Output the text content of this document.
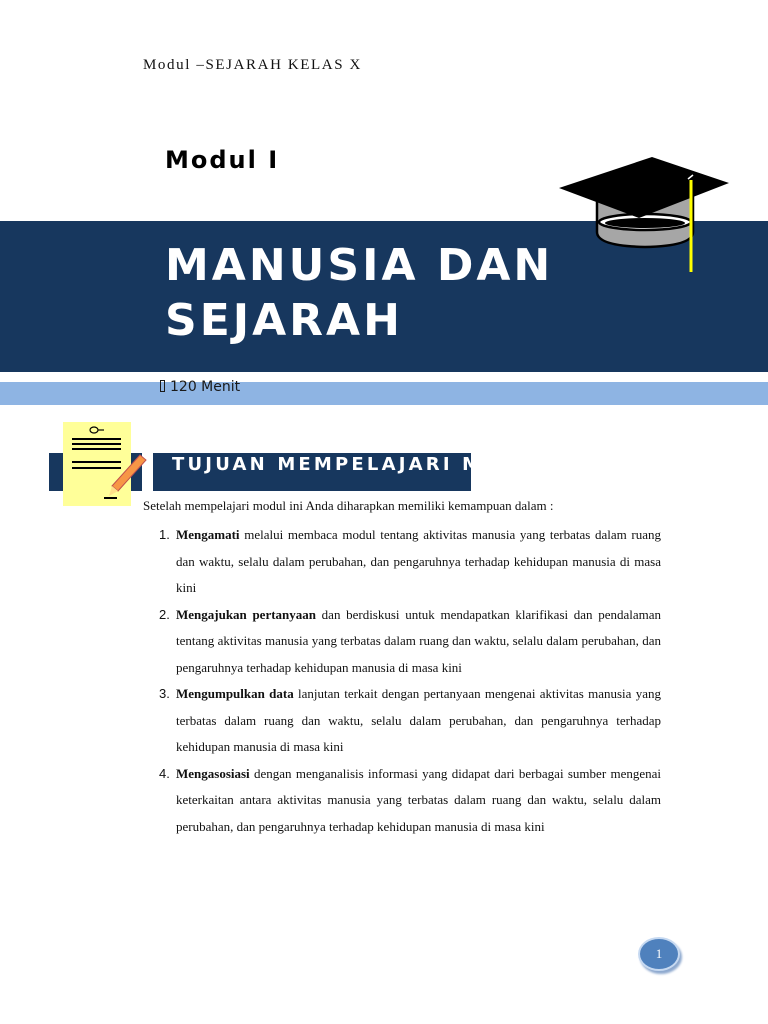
Modul –SEJARAH KELAS X
Modul I
MANUSIA DAN
SEJARAH
120 Menit
TUJUAN MEMPELAJARI MODUL
Setelah mempelajari modul ini Anda diharapkan memiliki kemampuan dalam :
1. Mengamati melalui membaca modul tentang aktivitas manusia yang terbatas dalam ruang dan waktu, selalu dalam perubahan, dan pengaruhnya terhadap kehidupan manusia di masa kini
2. Mengajukan pertanyaan dan berdiskusi untuk mendapatkan klarifikasi dan pendalaman tentang aktivitas manusia yang terbatas dalam ruang dan waktu, selalu dalam perubahan, dan pengaruhnya terhadap kehidupan manusia di masa kini
3. Mengumpulkan data lanjutan terkait dengan pertanyaan mengenai aktivitas manusia yang terbatas dalam ruang dan waktu, selalu dalam perubahan, dan pengaruhnya terhadap kehidupan manusia di masa kini
4. Mengasosiasi dengan menganalisis informasi yang didapat dari berbagai sumber mengenai keterkaitan antara aktivitas manusia yang terbatas dalam ruang dan waktu, selalu dalam perubahan, dan pengaruhnya terhadap kehidupan manusia di masa kini
1
